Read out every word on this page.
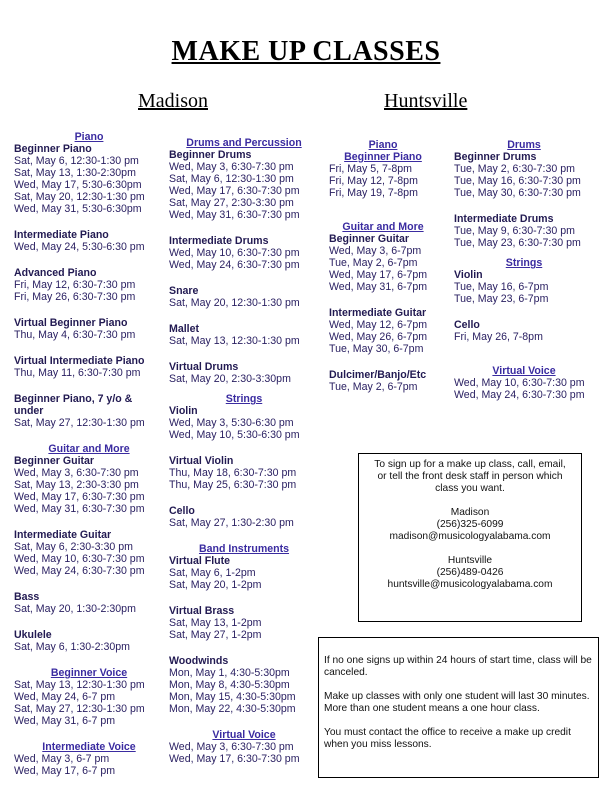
MAKE UP CLASSES
Madison	Huntsville
Piano
Beginner Piano
Sat, May 6, 12:30-1:30 pm
Sat, May 13, 1:30-2:30pm
Wed, May 17, 5:30-6:30pm
Sat, May 20, 12:30-1:30 pm
Wed, May 31, 5:30-6:30pm
Intermediate Piano
Wed, May 24, 5:30-6:30 pm
Advanced Piano
Fri, May 12, 6:30-7:30 pm
Fri, May 26, 6:30-7:30 pm
Virtual Beginner Piano
Thu, May 4, 6:30-7:30 pm
Virtual Intermediate Piano
Thu, May 11, 6:30-7:30 pm
Beginner Piano, 7 y/o &
under
Sat, May 27, 12:30-1:30 pm
Guitar and More
Beginner Guitar
Wed, May 3, 6:30-7:30 pm
Sat, May 13, 2:30-3:30 pm
Wed, May 17, 6:30-7:30 pm
Wed, May 31, 6:30-7:30 pm
Intermediate Guitar
Sat, May 6, 2:30-3:30 pm
Wed, May 10, 6:30-7:30 pm
Wed, May 24, 6:30-7:30 pm
Bass
Sat, May 20, 1:30-2:30pm
Ukulele
Sat, May 6, 1:30-2:30pm
Beginner Voice
Sat, May 13, 12:30-1:30 pm
Wed, May 24, 6-7 pm
Sat, May 27, 12:30-1:30 pm
Wed, May 31, 6-7 pm
Intermediate Voice
Wed, May 3, 6-7 pm
Wed, May 17, 6-7 pm
Drums and Percussion
Beginner Drums
Wed, May 3, 6:30-7:30 pm
Sat, May 6, 12:30-1:30 pm
Wed, May 17, 6:30-7:30 pm
Sat, May 27, 2:30-3:30 pm
Wed, May 31, 6:30-7:30 pm
Intermediate Drums
Wed, May 10, 6:30-7:30 pm
Wed, May 24, 6:30-7:30 pm
Snare
Sat, May 20, 12:30-1:30 pm
Mallet
Sat, May 13, 12:30-1:30 pm
Virtual Drums
Sat, May 20, 2:30-3:30pm
Strings
Violin
Wed, May 3, 5:30-6:30 pm
Wed, May 10, 5:30-6:30 pm
Virtual Violin
Thu, May 18, 6:30-7:30 pm
Thu, May 25, 6:30-7:30 pm
Cello
Sat, May 27, 1:30-2:30 pm
Band Instruments
Virtual Flute
Sat, May 6, 1-2pm
Sat, May 20, 1-2pm
Virtual Brass
Sat, May 13, 1-2pm
Sat, May 27, 1-2pm
Woodwinds
Mon, May 1, 4:30-5:30pm
Mon, May 8, 4:30-5:30pm
Mon, May 15, 4:30-5:30pm
Mon, May 22, 4:30-5:30pm
Virtual Voice
Wed, May 3, 6:30-7:30 pm
Wed, May 17, 6:30-7:30 pm
Piano
Beginner Piano
Fri, May 5, 7-8pm
Fri, May 12, 7-8pm
Fri, May 19, 7-8pm
Guitar and More
Beginner Guitar
Wed, May 3, 6-7pm
Tue, May 2, 6-7pm
Wed, May 17, 6-7pm
Wed, May 31, 6-7pm
Intermediate Guitar
Wed, May 12, 6-7pm
Wed, May 26, 6-7pm
Tue, May 30, 6-7pm
Dulcimer/Banjo/Etc
Tue, May 2, 6-7pm
Drums
Beginner Drums
Tue, May 2, 6:30-7:30 pm
Tue, May 16, 6:30-7:30 pm
Tue, May 30, 6:30-7:30 pm
Intermediate Drums
Tue, May 9, 6:30-7:30 pm
Tue, May 23, 6:30-7:30 pm
Strings
Violin
Tue, May 16, 6-7pm
Tue, May 23, 6-7pm
Cello
Fri, May 26, 7-8pm
Virtual Voice
Wed, May 10, 6:30-7:30 pm
Wed, May 24, 6:30-7:30 pm
To sign up for a make up class, call, email, or tell the front desk staff in person which class you want.
Madison
(256)325-6099
madison@musicologyalabama.com
Huntsville
(256)489-0426
huntsville@musicologyalabama.com
If no one signs up within 24 hours of start time, class will be canceled.
Make up classes with only one student will last 30 minutes. More than one student means a one hour class.
You must contact the office to receive a make up credit when you miss lessons.
